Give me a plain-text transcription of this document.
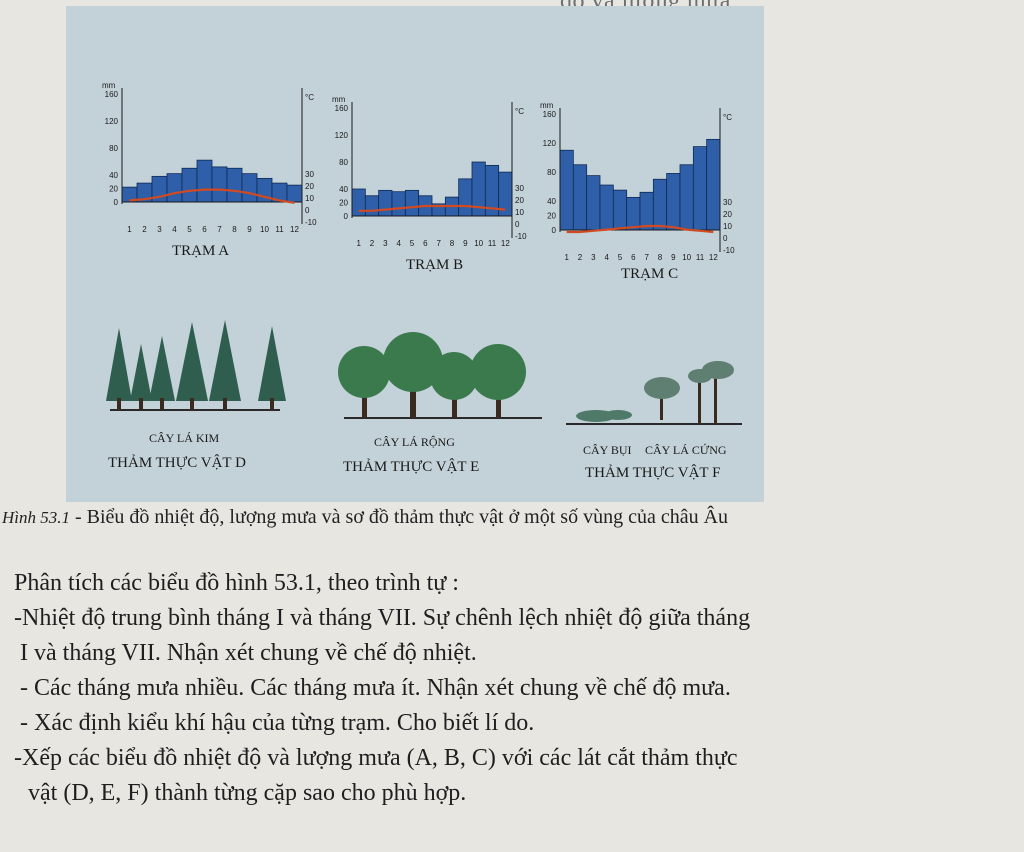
160
120
80
40
20
0
30
20
10
0
-10
mm
°C
1 2 3 4 5 6 7 8 9 10 11 12
160
120
80
40
20
0
30
20
10
0
-10
mm
°C
1 2 3 4 5 6 7 8 9 10 11 12
160
120
80
40
20
0
30
20
10
0
-10
mm
°C
1 2 3 4 5 6 7 8 9 10 11 12
TRẠM A
TRẠM B
TRẠM C
CÂY LÁ KIM
THẢM THỰC VẬT D
CÂY LÁ RỘNG
THẢM THỰC VẬT E
CÂY BỤI CÂY LÁ CỨNG
THẢM THỰC VẬT F
Hình 53.1 - Biểu đồ nhiệt độ, lượng mưa và sơ đồ thảm thực vật ở một số vùng của châu Âu

Phân tích các biểu đồ hình 53.1, theo trình tự :

-Nhiệt độ trung bình tháng I và tháng VII. Sự chênh lệch nhiệt độ giữa tháng

I và tháng VII. Nhận xét chung về chế độ nhiệt.

- Các tháng mưa nhiều. Các tháng mưa ít. Nhận xét chung về chế độ mưa.

- Xác định kiểu khí hậu của từng trạm. Cho biết lí do.

-Xếp các biểu đồ nhiệt độ và lượng mưa (A, B, C) với các lát cắt thảm thực

vật (D, E, F) thành từng cặp sao cho phù hợp.
